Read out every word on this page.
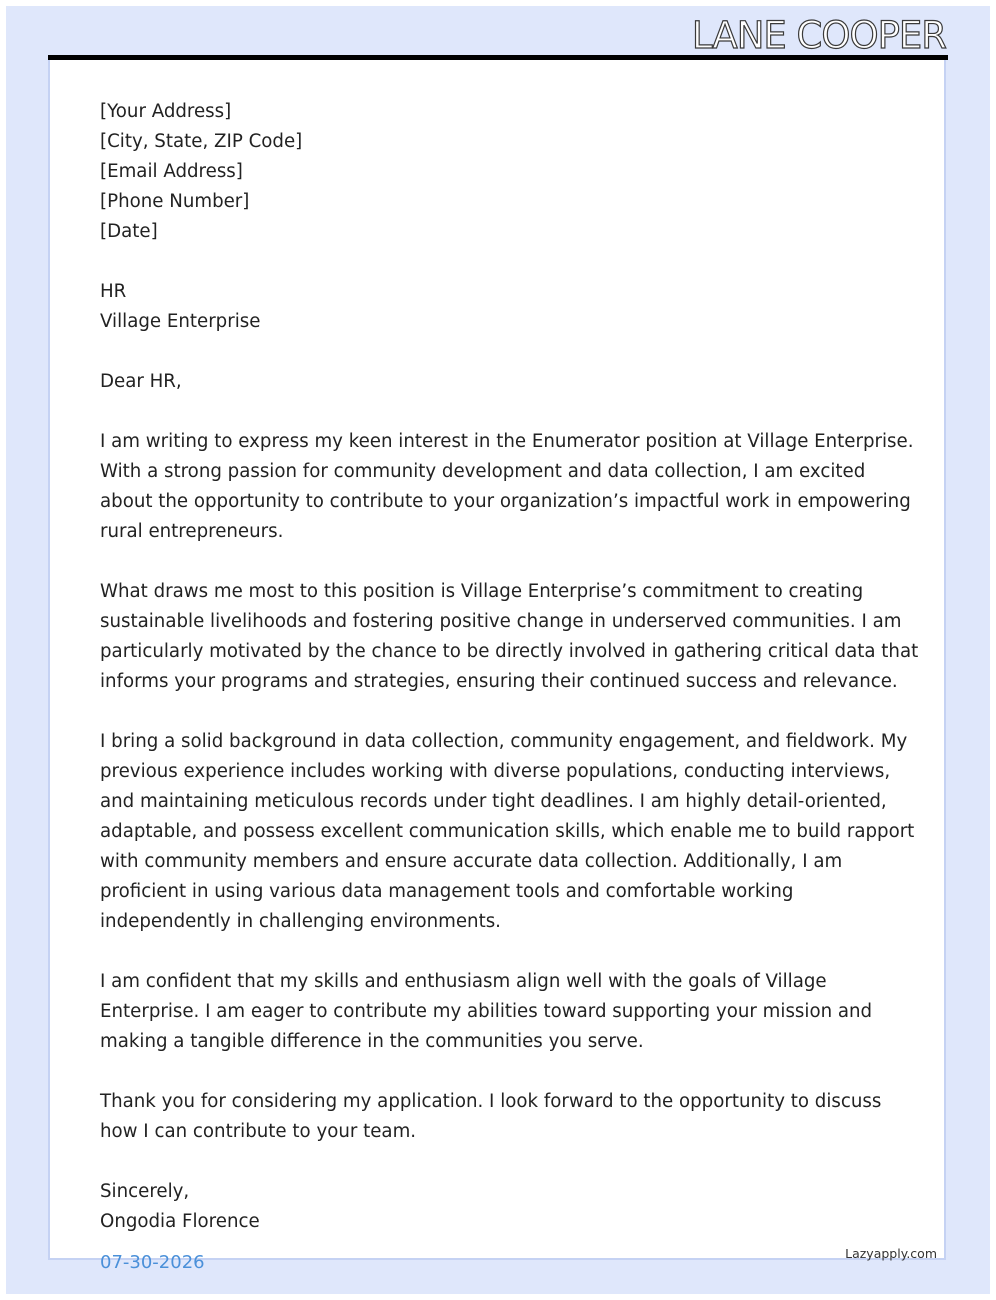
LANE COOPER
[Your Address]
[City, State, ZIP Code]
[Email Address]
[Phone Number]
[Date]
HR
Village Enterprise
Dear HR,
I am writing to express my keen interest in the Enumerator position at Village Enterprise.
With a strong passion for community development and data collection, I am excited
about the opportunity to contribute to your organization’s impactful work in empowering
rural entrepreneurs.
What draws me most to this position is Village Enterprise’s commitment to creating
sustainable livelihoods and fostering positive change in underserved communities. I am
particularly motivated by the chance to be directly involved in gathering critical data that
informs your programs and strategies, ensuring their continued success and relevance.
I bring a solid background in data collection, community engagement, and fieldwork. My
previous experience includes working with diverse populations, conducting interviews,
and maintaining meticulous records under tight deadlines. I am highly detail-oriented,
adaptable, and possess excellent communication skills, which enable me to build rapport
with community members and ensure accurate data collection. Additionally, I am
proficient in using various data management tools and comfortable working
independently in challenging environments.
I am confident that my skills and enthusiasm align well with the goals of Village
Enterprise. I am eager to contribute my abilities toward supporting your mission and
making a tangible difference in the communities you serve.
Thank you for considering my application. I look forward to the opportunity to discuss
how I can contribute to your team.
Sincerely,
Ongodia Florence
07-30-2026	Lazyapply.com
